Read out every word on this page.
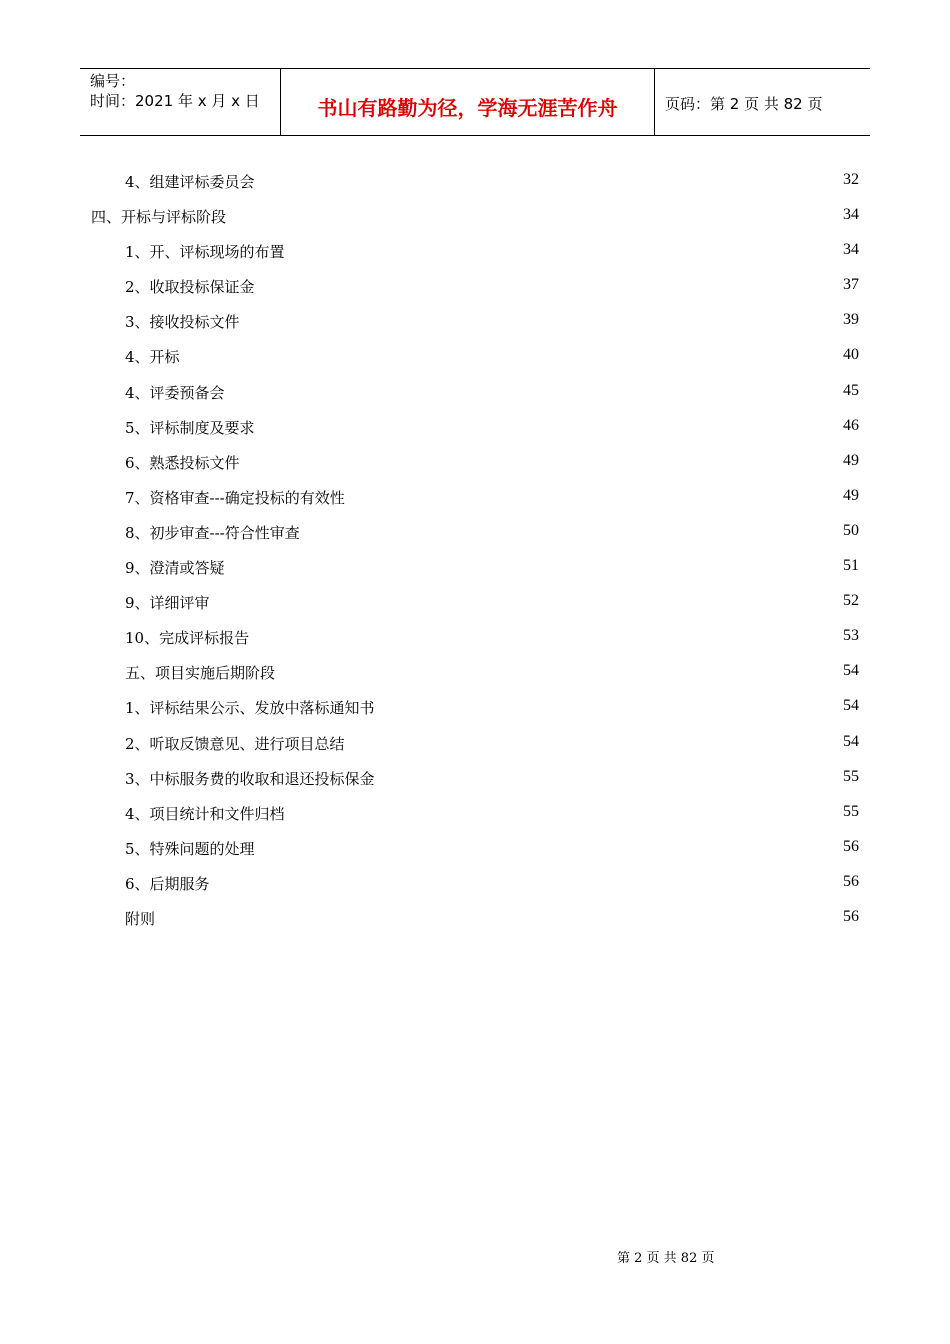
编号：
时间：2021 年 x 月 x 日	书山有路勤为径，学海无涯苦作舟	页码：第 2 页 共 82 页
4、组建评标委员会	32
四、开标与评标阶段	34
1、开、评标现场的布置	34
2、收取投标保证金	37
3、接收投标文件	39
4、开标	40
4、评委预备会	45
5、评标制度及要求	46
6、熟悉投标文件	49
7、资格审查---确定投标的有效性	49
8、初步审查---符合性审查	50
9、澄清或答疑	51
9、详细评审	52
10、完成评标报告	53
五、项目实施后期阶段	54
1、评标结果公示、发放中落标通知书	54
2、听取反馈意见、进行项目总结	54
3、中标服务费的收取和退还投标保金	55
4、项目统计和文件归档	55
5、特殊问题的处理	56
6、后期服务	56
附则	56
第 2 页 共 82 页
